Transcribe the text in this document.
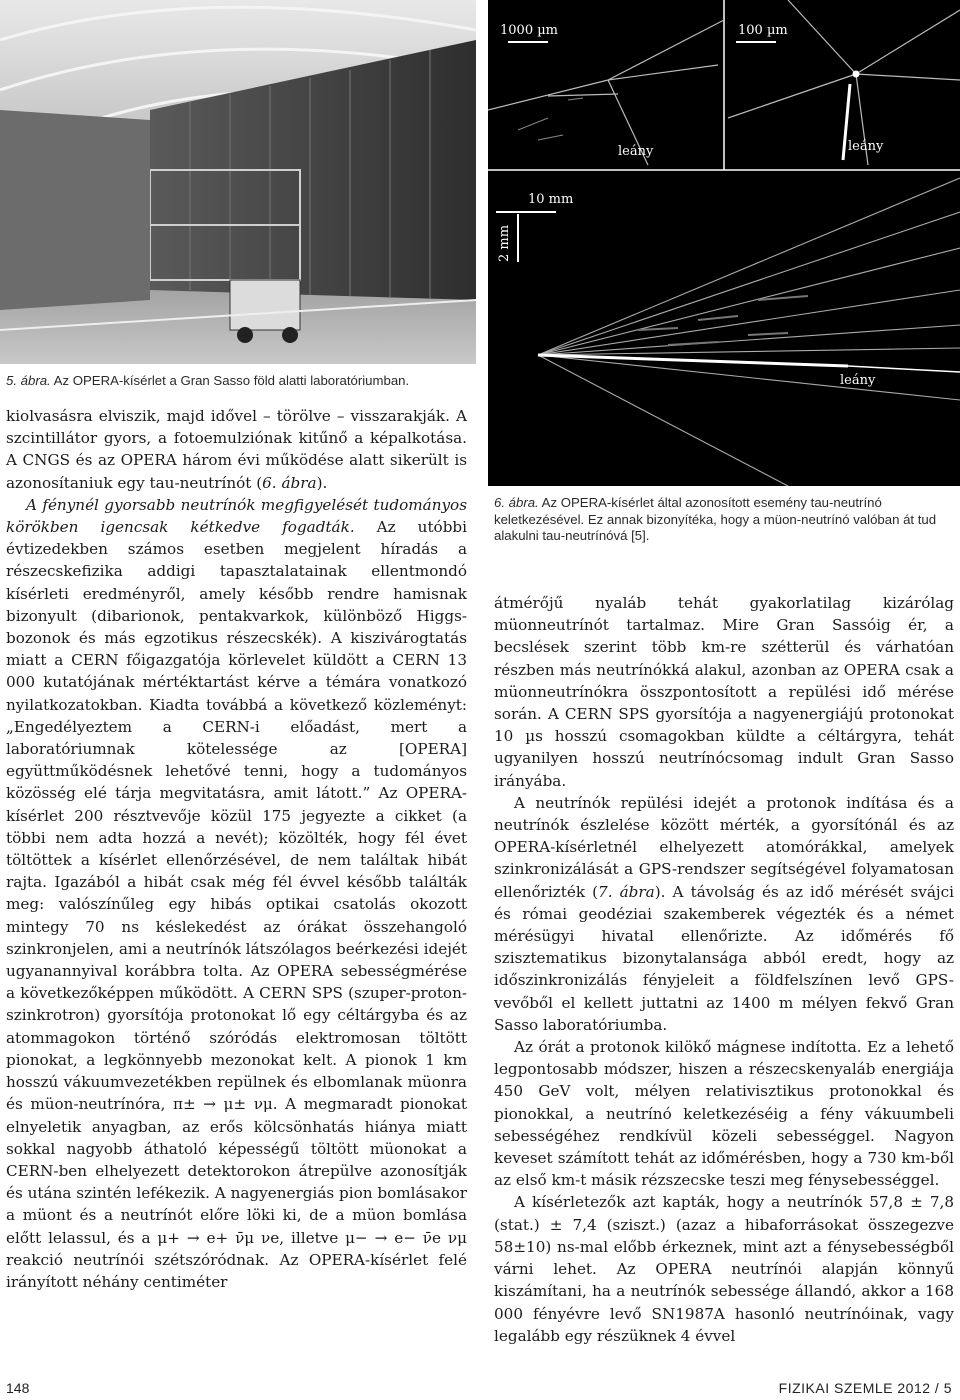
5. ábra. Az OPERA-kísérlet a Gran Sasso föld alatti laboratóriumban.
1000 µm	100 µm
10 mm
2 mm
leány	leány
leány
6. ábra. Az OPERA-kísérlet által azonosított esemény tau-neutrínó keletkezésével. Ez annak bizonyítéka, hogy a müon-neutrínó valóban át tud alakulni tau-neutrínóvá [5].

kiolvasásra elviszik, majd idővel – törölve – visszarakják. A szcintillátor gyors, a fotoemulziónak kitűnő a képalkotása. A CNGS és az OPERA három évi működése alatt sikerült is azonosítaniuk egy tau-neutrínót (6. ábra).

A fénynél gyorsabb neutrínók megfigyelését tudományos körökben igencsak kétkedve fogadták. Az utóbbi évtizedekben számos esetben megjelent híradás a részecskefizika addigi tapasztalatainak ellentmondó kísérleti eredményről, amely később rendre hamisnak bizonyult (dibarionok, pentakvarkok, különböző Higgs-bozonok és más egzotikus részecskék). A kiszivárogtatás miatt a CERN főigazgatója körlevelet küldött a CERN 13 000 kutatójának mértéktartást kérve a témára vonatkozó nyilatkozatokban. Kiadta továbbá a következő közleményt: „Engedélyeztem a CERN-i előadást, mert a laboratóriumnak kötelessége az [OPERA] együttműködésnek lehetővé tenni, hogy a tudományos közösség elé tárja megvitatásra, amit látott.” Az OPERA-kísérlet 200 résztvevője közül 175 jegyezte a cikket (a többi nem adta hozzá a nevét); közölték, hogy fél évet töltöttek a kísérlet ellenőrzésével, de nem találtak hibát rajta. Igazából a hibát csak még fél évvel később találták meg: valószínűleg egy hibás optikai csatolás okozott mintegy 70 ns késlekedést az órákat összehangoló szinkronjelen, ami a neutrínók látszólagos beérkezési idejét ugyanannyival korábbra tolta. Az OPERA sebességmérése a következőképpen működött. A CERN SPS (szuper-proton-szinkrotron) gyorsítója protonokat lő egy céltárgyba és az atommagokon történő szóródás elektromosan töltött pionokat, a legkönnyebb mezonokat kelt. A pionok 1 km hosszú vákuumvezetékben repülnek és elbomlanak müonra és müon-neutrínóra, π± → μ± νμ. A megmaradt pionokat elnyeletik anyagban, az erős kölcsönhatás hiánya miatt sokkal nagyobb áthatoló képességű töltött müonokat a CERN-ben elhelyezett detektorokon átrepülve azonosítják és utána szintén lefékezik. A nagyenergiás pion bomlásakor a müont és a neutrínót előre löki ki, de a müon bomlása előtt lelassul, és a μ+ → e+ ν̄μ νe, illetve μ− → e− ν̄e νμ reakció neutrínói szétszóródnak. Az OPERA-kísérlet felé irányított néhány centiméter

átmérőjű nyaláb tehát gyakorlatilag kizárólag müonneutrínót tartalmaz. Mire Gran Sassóig ér, a becslések szerint több km-re szétterül és várhatóan részben más neutrínókká alakul, azonban az OPERA csak a müonneutrínókra összpontosított a repülési idő mérése során. A CERN SPS gyorsítója a nagyenergiájú protonokat 10 µs hosszú csomagokban küldte a céltárgyra, tehát ugyanilyen hosszú neutrínócsomag indult Gran Sasso irányába.

A neutrínók repülési idejét a protonok indítása és a neutrínók észlelése között mérték, a gyorsítónál és az OPERA-kísérletnél elhelyezett atomórákkal, amelyek szinkronizálását a GPS-rendszer segítségével folyamatosan ellenőrizték (7. ábra). A távolság és az idő mérését svájci és római geodéziai szakemberek végezték és a német mérésügyi hivatal ellenőrizte. Az időmérés fő szisztematikus bizonytalansága abból eredt, hogy az időszinkronizálás fényjeleit a földfelszínen levő GPS-vevőből el kellett juttatni az 1400 m mélyen fekvő Gran Sasso laboratóriumba.

Az órát a protonok kilökő mágnese indította. Ez a lehető legpontosabb módszer, hiszen a részecskenyaláb energiája 450 GeV volt, mélyen relativisztikus protonokkal és pionokkal, a neutrínó keletkezéséig a fény vákuumbeli sebességéhez rendkívül közeli sebességgel. Nagyon keveset számított tehát az időmérésben, hogy a 730 km-ből az első km-t másik rézszecske teszi meg fénysebességgel.

A kísérletezők azt kapták, hogy a neutrínók 57,8 ± 7,8 (stat.) ± 7,4 (sziszt.) (azaz a hibaforrásokat összegezve 58±10) ns-mal előbb érkeznek, mint azt a fénysebességből várni lehet. Az OPERA neutrínói alapján könnyű kiszámítani, ha a neutrínók sebessége állandó, akkor a 168 000 fényévre levő SN1987A hasonló neutrínóinak, vagy legalább egy részüknek 4 évvel

148	FIZIKAI SZEMLE 2012 / 5
